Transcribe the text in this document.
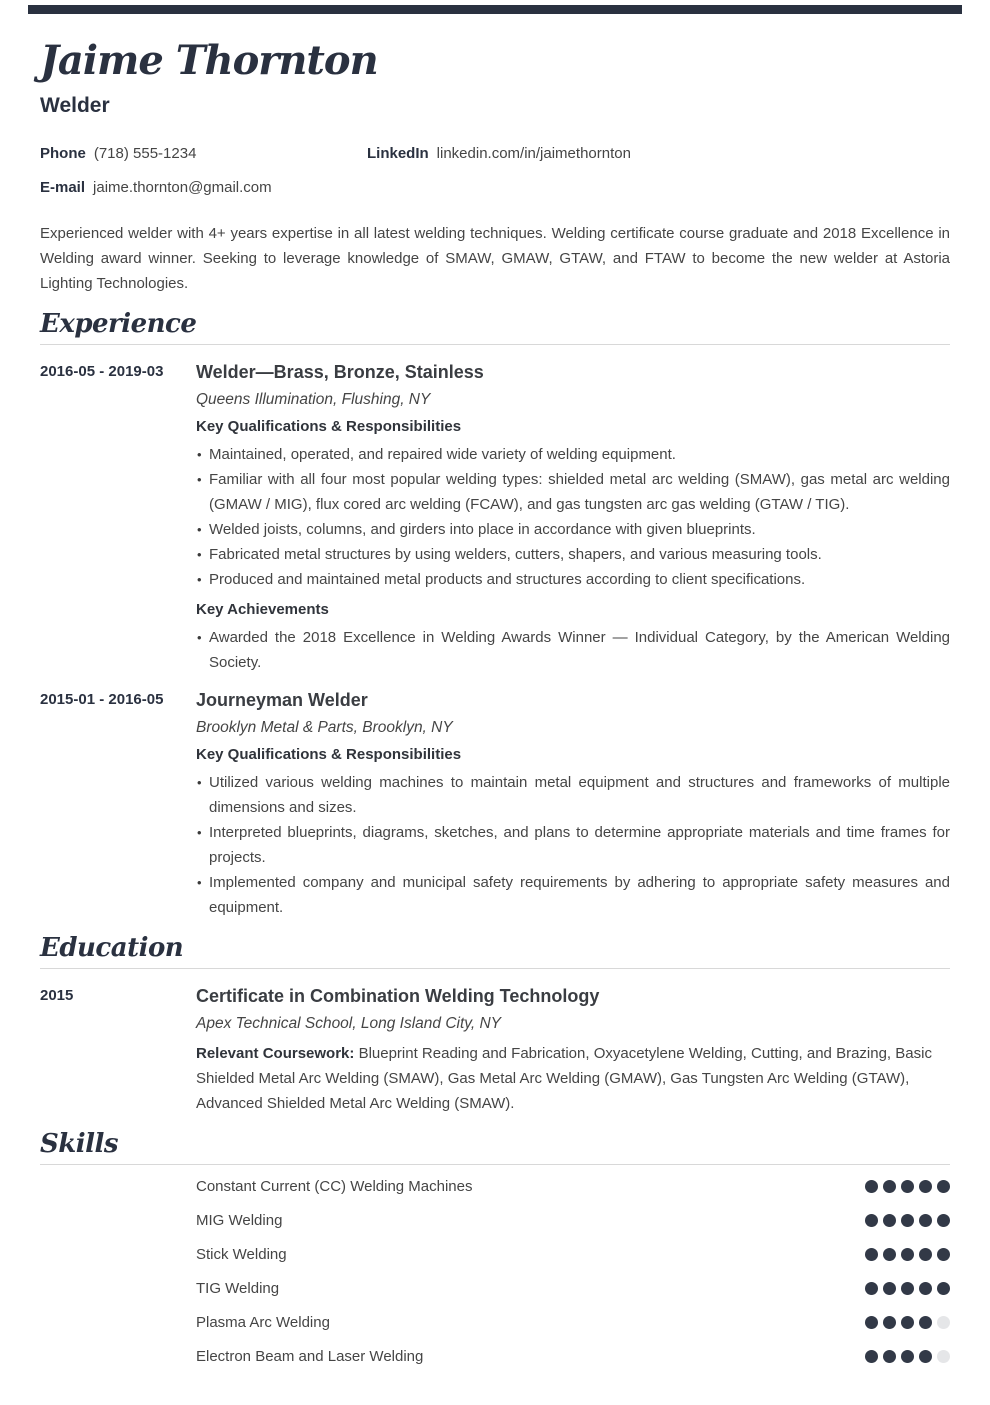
Jaime Thornton
Welder
Phone (718) 555-1234	LinkedIn linkedin.com/in/jaimethornton
E-mail jaime.thornton@gmail.com

Experienced welder with 4+ years expertise in all latest welding techniques. Welding certificate course graduate and 2018 Excellence in Welding award winner. Seeking to leverage knowledge of SMAW, GMAW, GTAW, and FTAW to become the new welder at Astoria Lighting Technologies.

Experience
2016-05 - 2019-03	Welder—Brass, Bronze, Stainless
Queens Illumination, Flushing, NY
Key Qualifications & Responsibilities
• Maintained, operated, and repaired wide variety of welding equipment.
• Familiar with all four most popular welding types: shielded metal arc welding (SMAW), gas metal arc welding (GMAW / MIG), flux cored arc welding (FCAW), and gas tungsten arc gas welding (GTAW / TIG).
• Welded joists, columns, and girders into place in accordance with given blueprints.
• Fabricated metal structures by using welders, cutters, shapers, and various measuring tools.
• Produced and maintained metal products and structures according to client specifications.
Key Achievements
• Awarded the 2018 Excellence in Welding Awards Winner — Individual Category, by the American Welding Society.
2015-01 - 2016-05	Journeyman Welder
Brooklyn Metal & Parts, Brooklyn, NY
Key Qualifications & Responsibilities
• Utilized various welding machines to maintain metal equipment and structures and frameworks of multiple dimensions and sizes.
• Interpreted blueprints, diagrams, sketches, and plans to determine appropriate materials and time frames for projects.
• Implemented company and municipal safety requirements by adhering to appropriate safety measures and equipment.
Education
2015	Certificate in Combination Welding Technology
Apex Technical School, Long Island City, NY

Relevant Coursework: Blueprint Reading and Fabrication, Oxyacetylene Welding, Cutting, and Brazing, Basic Shielded Metal Arc Welding (SMAW), Gas Metal Arc Welding (GMAW), Gas Tungsten Arc Welding (GTAW), Advanced Shielded Metal Arc Welding (SMAW).

Skills
Constant Current (CC) Welding Machines
MIG Welding
Stick Welding
TIG Welding
Plasma Arc Welding
Electron Beam and Laser Welding
